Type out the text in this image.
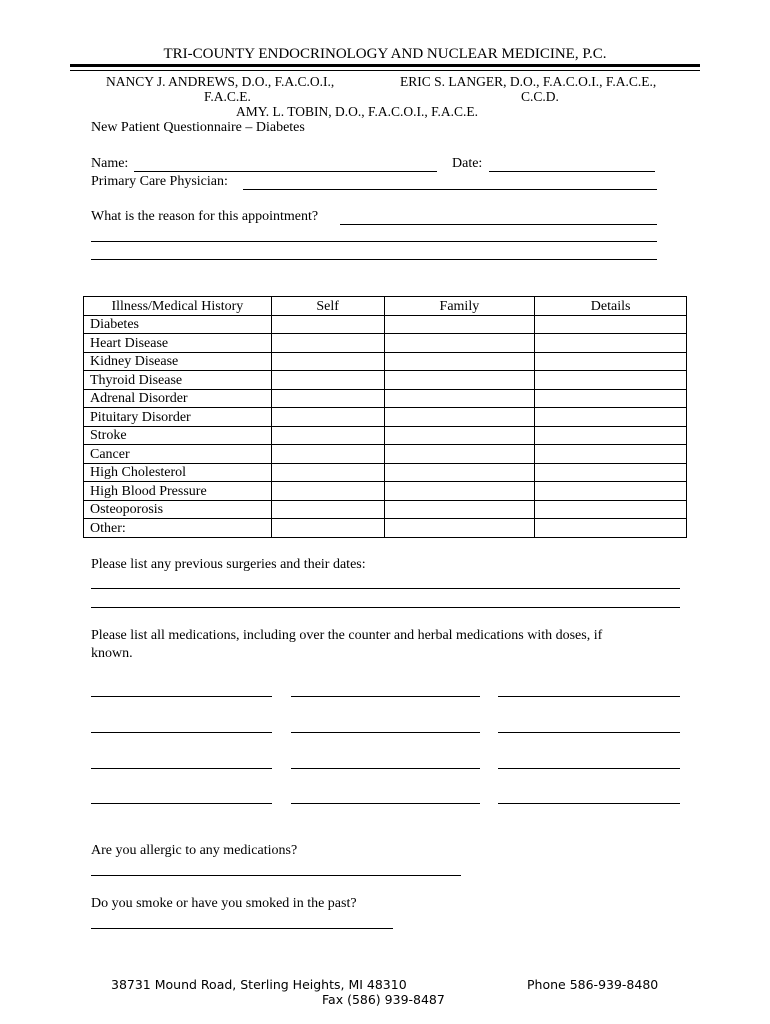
TRI-COUNTY ENDOCRINOLOGY AND NUCLEAR MEDICINE, P.C.
NANCY J. ANDREWS, D.O., F.A.C.O.I.,
F.A.C.E.
ERIC S. LANGER, D.O., F.A.C.O.I., F.A.C.E.,
C.C.D.
AMY. L. TOBIN, D.O., F.A.C.O.I., F.A.C.E.
New Patient Questionnaire – Diabetes
Name:	Date:
Primary Care Physician:
What is the reason for this appointment?
Illness/Medical History	Self	Family	Details
Diabetes			
Heart Disease			
Kidney Disease			
Thyroid Disease			
Adrenal Disorder			
Pituitary Disorder			
Stroke			
Cancer			
High Cholesterol			
High Blood Pressure			
Osteoporosis			
Other:			
Please list any previous surgeries and their dates:
Please list all medications, including over the counter and herbal medications with doses, if
known.
Are you allergic to any medications?
Do you smoke or have you smoked in the past?
38731 Mound Road, Sterling Heights, MI 48310	Phone 586-939-8480
Fax (586) 939-8487
